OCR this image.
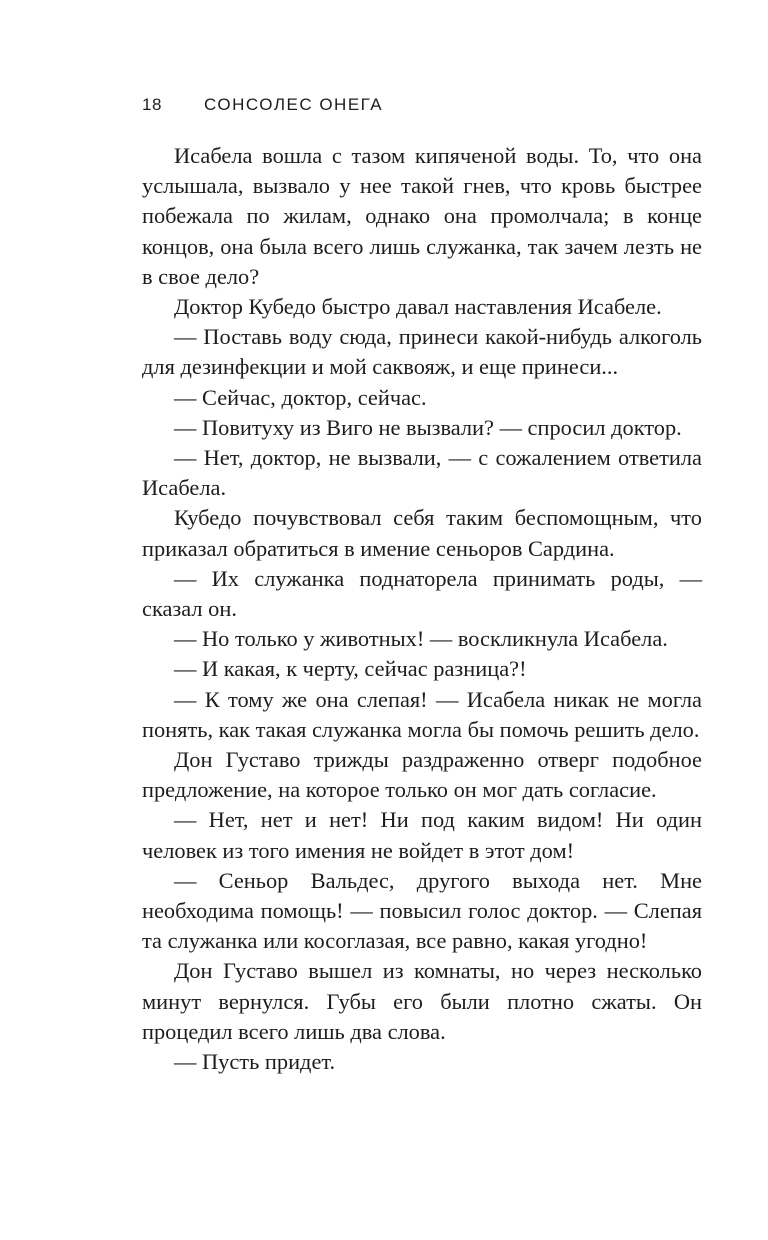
18 СОНСОЛЕС ОНЕГА

Исабела вошла с тазом кипяченой воды. То, что она услышала, вызвало у нее такой гнев, что кровь быстрее побежала по жилам, однако она промолчала; в конце концов, она была всего лишь служанка, так зачем лезть не в свое дело?

Доктор Кубедо быстро давал наставления Исабеле.

— Поставь воду сюда, принеси какой-нибудь алкоголь для дезинфекции и мой саквояж, и еще принеси...

— Сейчас, доктор, сейчас.

— Повитуху из Виго не вызвали? — спросил доктор.

— Нет, доктор, не вызвали, — с сожалением ответила Исабела.

Кубедо почувствовал себя таким беспомощным, что приказал обратиться в имение сеньоров Сардина.

— Их служанка поднаторела принимать роды, — сказал он.

— Но только у животных! — воскликнула Исабела.

— И какая, к черту, сейчас разница?!

— К тому же она слепая! — Исабела никак не могла понять, как такая служанка могла бы помочь решить дело.

Дон Густаво трижды раздраженно отверг подобное предложение, на которое только он мог дать согласие.

— Нет, нет и нет! Ни под каким видом! Ни один человек из того имения не войдет в этот дом!

— Сеньор Вальдес, другого выхода нет. Мне необходима помощь! — повысил голос доктор. — Слепая та служанка или косоглазая, все равно, какая угодно!

Дон Густаво вышел из комнаты, но через несколько минут вернулся. Губы его были плотно сжаты. Он процедил всего лишь два слова.

— Пусть придет.
